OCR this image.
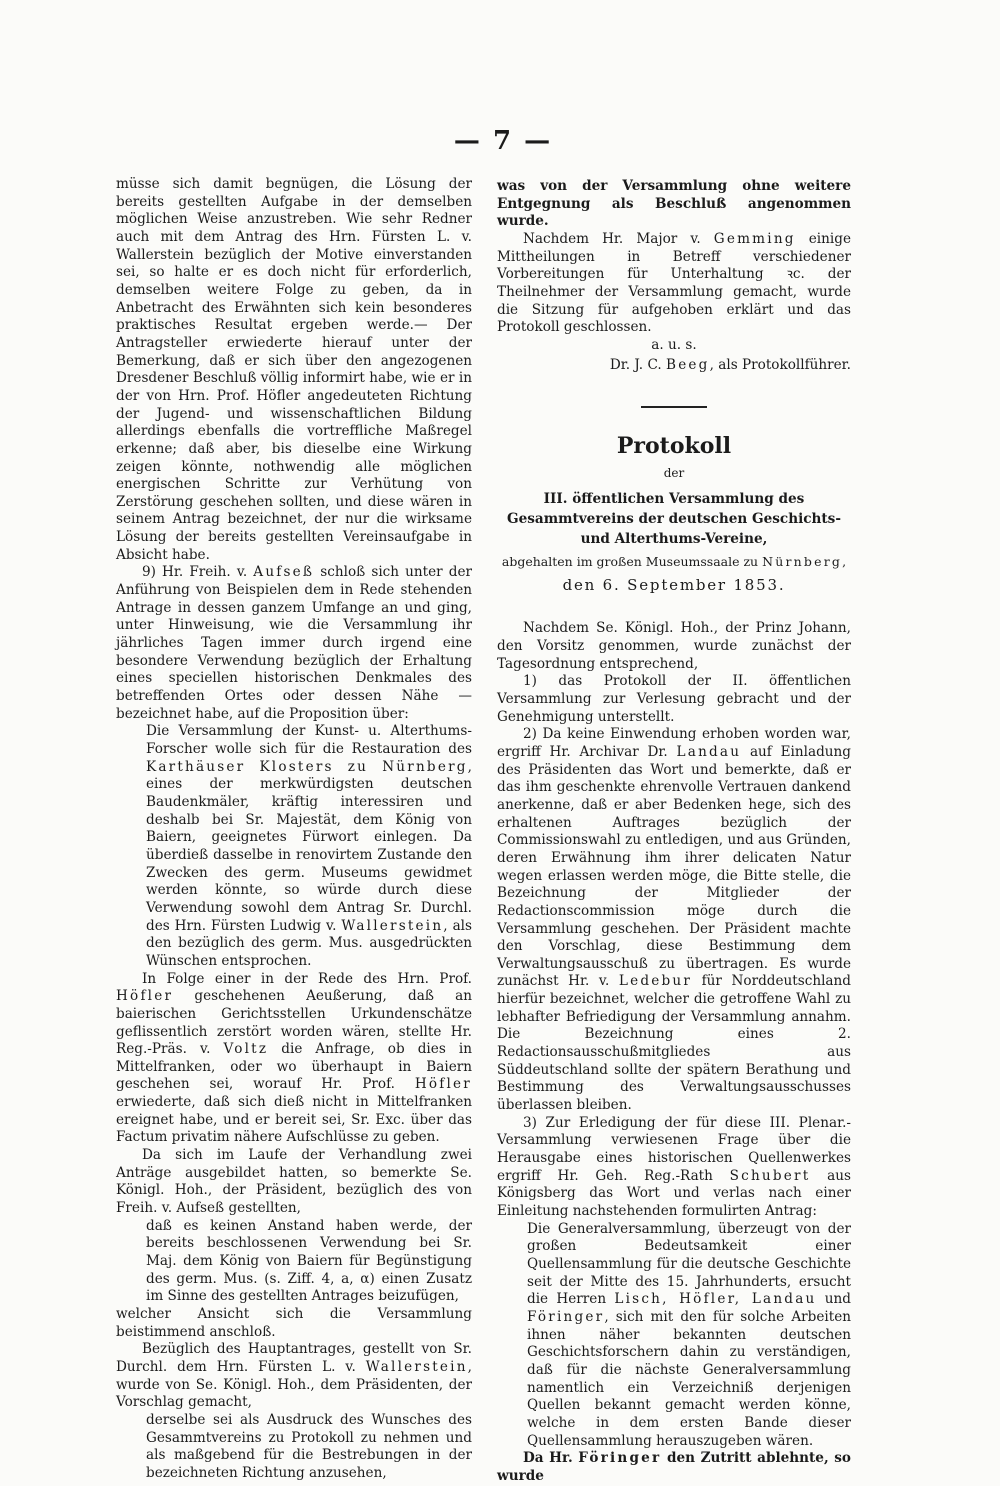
— 7 —

müsse sich damit begnügen, die Lösung der bereits gestellten Aufgabe in der demselben möglichen Weise anzustreben. Wie sehr Redner auch mit dem Antrag des Hrn. Fürsten L. v. Wallerstein bezüglich der Motive einverstanden sei, so halte er es doch nicht für erforderlich, demselben weitere Folge zu geben, da in Anbetracht des Erwähnten sich kein besonderes praktisches Resultat ergeben werde.— Der Antragsteller erwiederte hierauf unter der Bemerkung, daß er sich über den angezogenen Dresdener Beschluß völlig informirt habe, wie er in der von Hrn. Prof. Höfler angedeuteten Richtung der Jugend- und wissenschaftlichen Bildung allerdings ebenfalls die vortreffliche Maßregel erkenne; daß aber, bis dieselbe eine Wirkung zeigen könnte, nothwendig alle möglichen energischen Schritte zur Verhütung von Zerstörung geschehen sollten, und diese wären in seinem Antrag bezeichnet, der nur die wirksame Lösung der bereits gestellten Vereinsaufgabe in Absicht habe.

9) Hr. Freih. v. Aufseß schloß sich unter der Anführung von Beispielen dem in Rede stehenden Antrage in dessen ganzem Umfange an und ging, unter Hinweisung, wie die Versammlung ihr jährliches Tagen immer durch irgend eine besondere Verwendung bezüglich der Erhaltung eines speciellen historischen Denkmales des betreffenden Ortes oder dessen Nähe — bezeichnet habe, auf die Proposition über:

Die Versammlung der Kunst- u. Alterthums-Forscher wolle sich für die Restauration des Karthäuser Klosters zu Nürnberg, eines der merkwürdigsten deutschen Baudenkmäler, kräftig interessiren und deshalb bei Sr. Majestät, dem König von Baiern, geeignetes Fürwort einlegen. Da überdieß dasselbe in renovirtem Zustande den Zwecken des germ. Museums gewidmet werden könnte, so würde durch diese Verwendung sowohl dem Antrag Sr. Durchl. des Hrn. Fürsten Ludwig v. Wallerstein, als den bezüglich des germ. Mus. ausgedrückten Wünschen entsprochen.

In Folge einer in der Rede des Hrn. Prof. Höfler geschehenen Aeußerung, daß an baierischen Gerichtsstellen Urkundenschätze geflissentlich zerstört worden wären, stellte Hr. Reg.-Präs. v. Voltz die Anfrage, ob dies in Mittelfranken, oder wo überhaupt in Baiern geschehen sei, worauf Hr. Prof. Höfler erwiederte, daß sich dieß nicht in Mittelfranken ereignet habe, und er bereit sei, Sr. Exc. über das Factum privatim nähere Aufschlüsse zu geben.

Da sich im Laufe der Verhandlung zwei Anträge ausgebildet hatten, so bemerkte Se. Königl. Hoh., der Präsident, bezüglich des von Freih. v. Aufseß gestellten,

daß es keinen Anstand haben werde, der bereits beschlossenen Verwendung bei Sr. Maj. dem König von Baiern für Begünstigung des germ. Mus. (s. Ziff. 4, a, α) einen Zusatz im Sinne des gestellten Antrages beizufügen,

welcher Ansicht sich die Versammlung beistimmend anschloß.

Bezüglich des Hauptantrages, gestellt von Sr. Durchl. dem Hrn. Fürsten L. v. Wallerstein, wurde von Se. Königl. Hoh., dem Präsidenten, der Vorschlag gemacht,

derselbe sei als Ausdruck des Wunsches des Gesammtvereins zu Protokoll zu nehmen und als maßgebend für die Bestrebungen in der bezeichneten Richtung anzusehen,

was von der Versammlung ohne weitere Entgegnung als Beschluß angenommen wurde.

Nachdem Hr. Major v. Gemming einige Mittheilungen in Betreff verschiedener Vorbereitungen für Unterhaltung ꝛc. der Theilnehmer der Versammlung gemacht, wurde die Sitzung für aufgehoben erklärt und das Protokoll geschlossen.

a. u. s.

Dr. J. C. Beeg, als Protokollführer.

Protokoll

der

III. öffentlichen Versammlung des Gesammtvereins der deutschen Geschichts- und Alterthums-Vereine,

abgehalten im großen Museumssaale zu Nürnberg,

den 6. September 1853.

Nachdem Se. Königl. Hoh., der Prinz Johann, den Vorsitz genommen, wurde zunächst der Tagesordnung entsprechend,

1) das Protokoll der II. öffentlichen Versammlung zur Verlesung gebracht und der Genehmigung unterstellt.

2) Da keine Einwendung erhoben worden war, ergriff Hr. Archivar Dr. Landau auf Einladung des Präsidenten das Wort und bemerkte, daß er das ihm geschenkte ehrenvolle Vertrauen dankend anerkenne, daß er aber Bedenken hege, sich des erhaltenen Auftrages bezüglich der Commissionswahl zu entledigen, und aus Gründen, deren Erwähnung ihm ihrer delicaten Natur wegen erlassen werden möge, die Bitte stelle, die Bezeichnung der Mitglieder der Redactionscommission möge durch die Versammlung geschehen. Der Präsident machte den Vorschlag, diese Bestimmung dem Verwaltungsausschuß zu übertragen. Es wurde zunächst Hr. v. Ledebur für Norddeutschland hierfür bezeichnet, welcher die getroffene Wahl zu lebhafter Befriedigung der Versammlung annahm. Die Bezeichnung eines 2. Redactionsausschußmitgliedes aus Süddeutschland sollte der spätern Berathung und Bestimmung des Verwaltungsausschusses überlassen bleiben.

3) Zur Erledigung der für diese III. Plenar.-Versammlung verwiesenen Frage über die Herausgabe eines historischen Quellenwerkes ergriff Hr. Geh. Reg.-Rath Schubert aus Königsberg das Wort und verlas nach einer Einleitung nachstehenden formulirten Antrag:

Die Generalversammlung, überzeugt von der großen Bedeutsamkeit einer Quellensammlung für die deutsche Geschichte seit der Mitte des 15. Jahrhunderts, ersucht die Herren Lisch, Höfler, Landau und Föringer, sich mit den für solche Arbeiten ihnen näher bekannten deutschen Geschichtsforschern dahin zu verständigen, daß für die nächste Generalversammlung namentlich ein Verzeichniß derjenigen Quellen bekannt gemacht werden könne, welche in dem ersten Bande dieser Quellensammlung herauszugeben wären.

Da Hr. Föringer den Zutritt ablehnte, so wurde
